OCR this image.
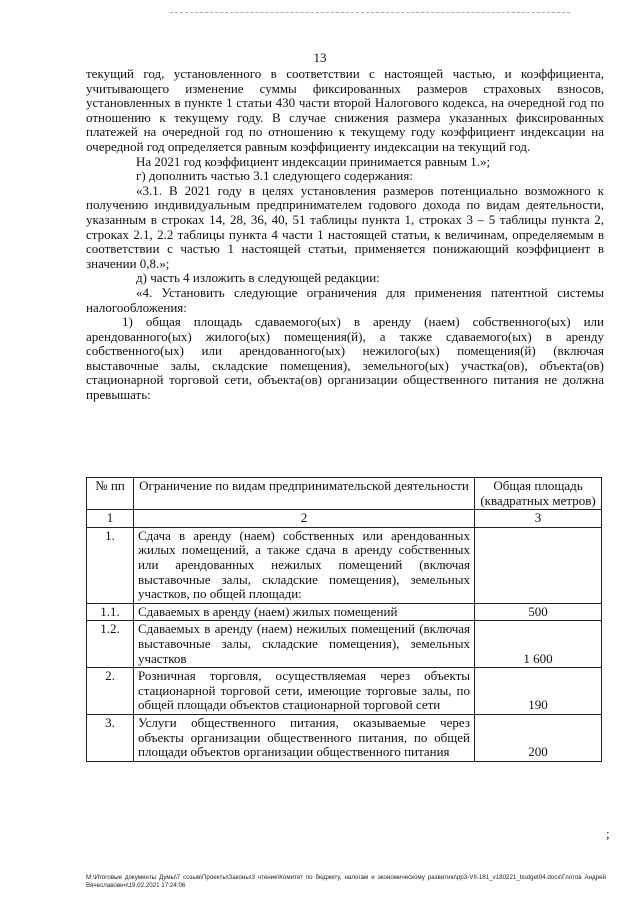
13

текущий год, установленного в соответствии с настоящей частью, и коэффициента, учитывающего изменение суммы фиксированных размеров страховых взносов, установленных в пункте 1 статьи 430 части второй Налогового кодекса, на очередной год по отношению к текущему году. В случае снижения размера указанных фиксированных платежей на очередной год по отношению к текущему году коэффициент индексации на очередной год определяется равным коэффициенту индексации на текущий год.

На 2021 год коэффициент индексации принимается равным 1.»;

г) дополнить частью 3.1 следующего содержания:

«3.1. В 2021 году в целях установления размеров потенциально возможного к получению индивидуальным предпринимателем годового дохода по видам деятельности, указанным в строках 14, 28, 36, 40, 51 таблицы пункта 1, строках 3 – 5 таблицы пункта 2, строках 2.1, 2.2 таблицы пункта 4 части 1 настоящей статьи, к величинам, определяемым в соответствии с частью 1 настоящей статьи, применяется понижающий коэффициент в значении 0,8.»;

д) часть 4 изложить в следующей редакции:

«4. Установить следующие ограничения для применения патентной системы налогообложения:

1) общая площадь сдаваемого(ых) в аренду (наем) собственного(ых) или арендованного(ых) жилого(ых) помещения(й), а также сдаваемого(ых) в аренду собственного(ых) или арендованного(ых) нежилого(ых) помещения(й) (включая выставочные залы, складские помещения), земельного(ых) участка(ов), объекта(ов) стационарной торговой сети, объекта(ов) организации общественного питания не должна превышать:

№ пп	Ограничение по видам предпринимательской деятельности	Общая площадь (квадратных метров)
1	2	3
1.	Сдача в аренду (наем) собственных или арендованных жилых помещений, а также сдача в аренду собственных или арендованных нежилых помещений (включая выставочные залы, складские помещения), земельных участков, по общей площади:	
1.1.	Сдаваемых в аренду (наем) жилых помещений	500
1.2.	Сдаваемых в аренду (наем) нежилых помещений (включая выставочные залы, складские помещения), земельных участков	1 600
2.	Розничная торговля, осуществляемая через объекты стационарной торговой сети, имеющие торговые залы, по общей площади объектов стационарной торговой сети	190
3.	Услуги общественного питания, оказываемые через объекты организации общественного питания, по общей площади объектов организации общественного питания	200
;
М:\Итоговые документы Думы\7 созыв\Проекты\Законы\3 чтение\Комитет по бюджету, налогам и экономическому развитию\pp3-VII-181_v180221_budget04.docx\Глотов Андрей Вячеславович\19.02.2021 17:24:06
